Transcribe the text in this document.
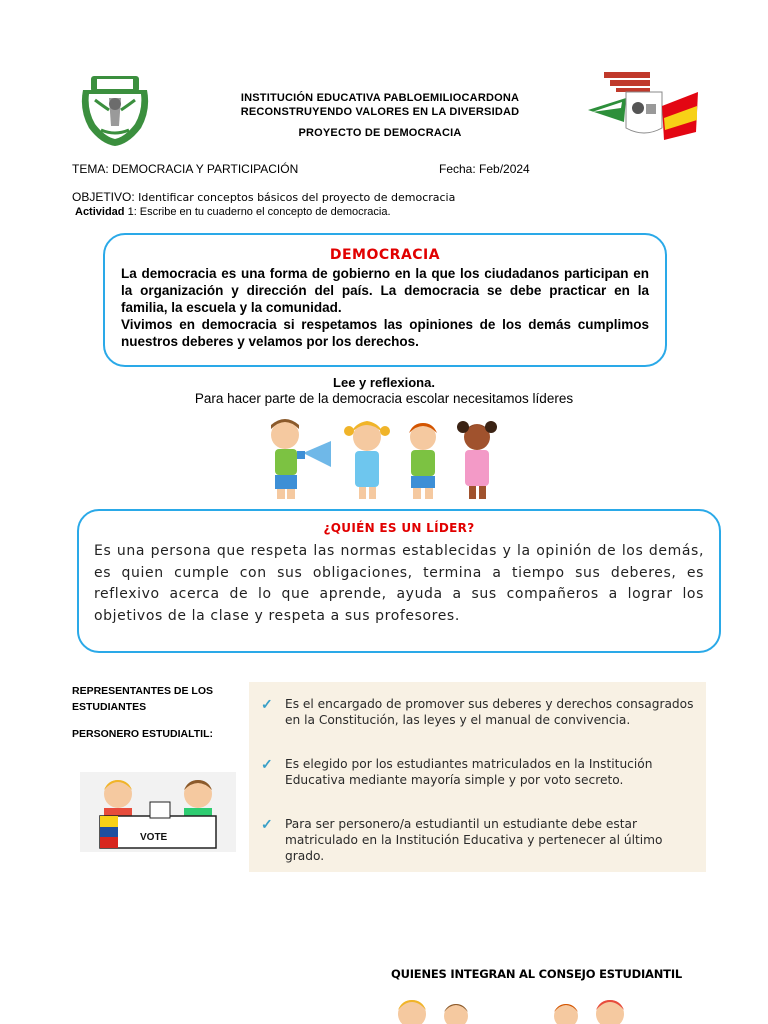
INSTITUCIÓN EDUCATIVA PABLOEMILIOCARDONA
RECONSTRUYENDO VALORES EN LA DIVERSIDAD
PROYECTO DE DEMOCRACIA
TEMA: DEMOCRACIA Y PARTICIPACIÓN	Fecha: Feb/2024
OBJETIVO: Identificar conceptos básicos del proyecto de democracia
Actividad 1: Escribe en tu cuaderno el concepto de democracia.
DEMOCRACIA
La democracia es una forma de gobierno en la que los ciudadanos participan en la organización y dirección del país. La democracia se debe practicar en la familia, la escuela y la comunidad.
Vivimos en democracia si respetamos las opiniones de los demás cumplimos nuestros deberes y velamos por los derechos.
Lee y reflexiona.
Para hacer parte de la democracia escolar necesitamos líderes
¿QUIÉN ES UN LÍDER?
Es una persona que respeta las normas establecidas y la opinión de los demás, es quien cumple con sus obligaciones, termina a tiempo sus deberes, es reflexivo acerca de lo que aprende, ayuda a sus compañeros a lograr los objetivos de la clase y respeta a sus profesores.
REPRESENTANTES DE LOS ESTUDIANTES
PERSONERO ESTUDIALTIL:
VOTE
✓ Es el encargado de promover sus deberes y derechos consagrados en la Constitución, las leyes y el manual de convivencia.
✓ Es elegido por los estudiantes matriculados en la Institución Educativa mediante mayoría simple y por voto secreto.
✓ Para ser personero/a estudiantil un estudiante debe estar matriculado en la Institución Educativa y pertenecer al último grado.
QUIENES INTEGRAN AL CONSEJO ESTUDIANTIL
